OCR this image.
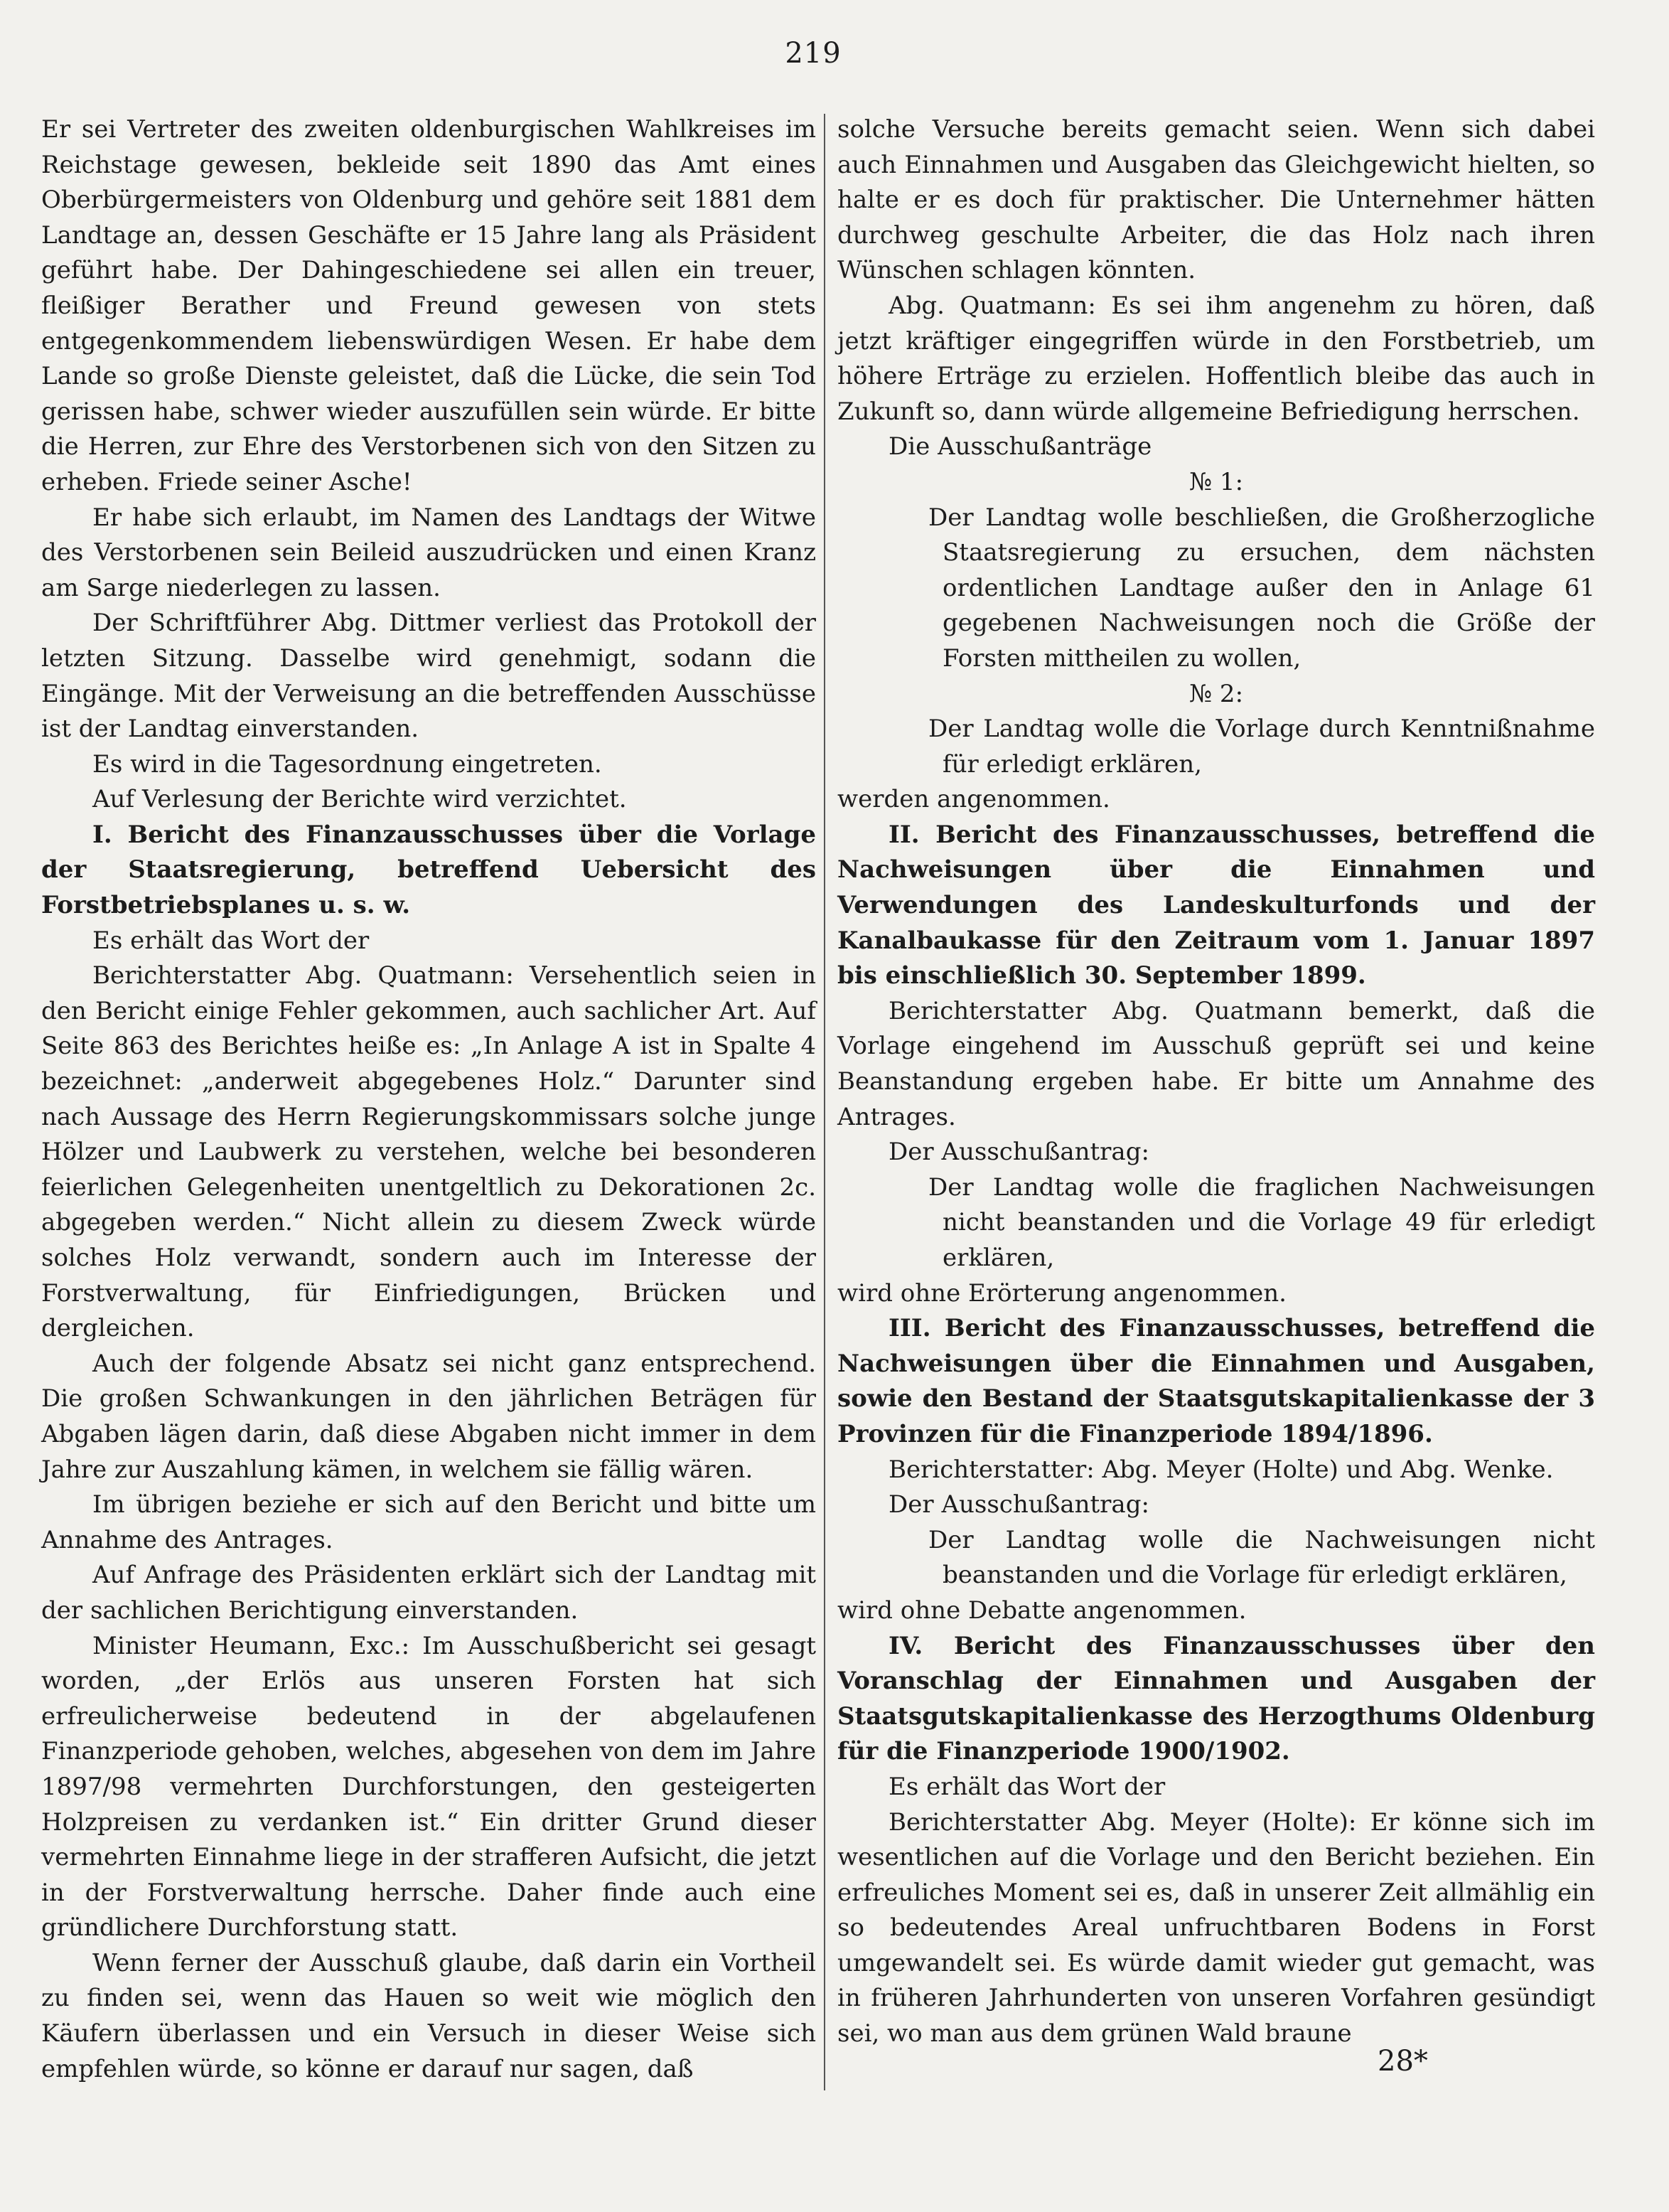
219

Er sei Vertreter des zweiten oldenburgischen Wahlkreises im Reichstage gewesen, bekleide seit 1890 das Amt eines Oberbürgermeisters von Oldenburg und gehöre seit 1881 dem Landtage an, dessen Geschäfte er 15 Jahre lang als Präsident geführt habe. Der Dahingeschiedene sei allen ein treuer, fleißiger Berather und Freund gewesen von stets entgegenkommendem liebenswürdigen Wesen. Er habe dem Lande so große Dienste geleistet, daß die Lücke, die sein Tod gerissen habe, schwer wieder auszufüllen sein würde. Er bitte die Herren, zur Ehre des Verstorbenen sich von den Sitzen zu erheben. Friede seiner Asche!

Er habe sich erlaubt, im Namen des Landtags der Witwe des Verstorbenen sein Beileid auszudrücken und einen Kranz am Sarge niederlegen zu lassen.

Der Schriftführer Abg. Dittmer verliest das Protokoll der letzten Sitzung. Dasselbe wird genehmigt, sodann die Eingänge. Mit der Verweisung an die betreffenden Ausschüsse ist der Landtag einverstanden.

Es wird in die Tagesordnung eingetreten.

Auf Verlesung der Berichte wird verzichtet.

I. Bericht des Finanzausschusses über die Vorlage der Staatsregierung, betreffend Uebersicht des Forstbetriebsplanes u. s. w.

Es erhält das Wort der

Berichterstatter Abg. Quatmann: Versehentlich seien in den Bericht einige Fehler gekommen, auch sachlicher Art. Auf Seite 863 des Berichtes heiße es: „In Anlage A ist in Spalte 4 bezeichnet: „anderweit abgegebenes Holz.“ Darunter sind nach Aussage des Herrn Regierungskommissars solche junge Hölzer und Laubwerk zu verstehen, welche bei besonderen feierlichen Gelegenheiten unentgeltlich zu Dekorationen 2c. abgegeben werden.“ Nicht allein zu diesem Zweck würde solches Holz verwandt, sondern auch im Interesse der Forstverwaltung, für Einfriedigungen, Brücken und dergleichen.

Auch der folgende Absatz sei nicht ganz entsprechend. Die großen Schwankungen in den jährlichen Beträgen für Abgaben lägen darin, daß diese Abgaben nicht immer in dem Jahre zur Auszahlung kämen, in welchem sie fällig wären.

Im übrigen beziehe er sich auf den Bericht und bitte um Annahme des Antrages.

Auf Anfrage des Präsidenten erklärt sich der Landtag mit der sachlichen Berichtigung einverstanden.

Minister Heumann, Exc.: Im Ausschußbericht sei gesagt worden, „der Erlös aus unseren Forsten hat sich erfreulicherweise bedeutend in der abgelaufenen Finanzperiode gehoben, welches, abgesehen von dem im Jahre 1897/98 vermehrten Durchforstungen, den gesteigerten Holzpreisen zu verdanken ist.“ Ein dritter Grund dieser vermehrten Einnahme liege in der strafferen Aufsicht, die jetzt in der Forstverwaltung herrsche. Daher finde auch eine gründlichere Durchforstung statt.

Wenn ferner der Ausschuß glaube, daß darin ein Vortheil zu finden sei, wenn das Hauen so weit wie möglich den Käufern überlassen und ein Versuch in dieser Weise sich empfehlen würde, so könne er darauf nur sagen, daß

solche Versuche bereits gemacht seien. Wenn sich dabei auch Einnahmen und Ausgaben das Gleichgewicht hielten, so halte er es doch für praktischer. Die Unternehmer hätten durchweg geschulte Arbeiter, die das Holz nach ihren Wünschen schlagen könnten.

Abg. Quatmann: Es sei ihm angenehm zu hören, daß jetzt kräftiger eingegriffen würde in den Forstbetrieb, um höhere Erträge zu erzielen. Hoffentlich bleibe das auch in Zukunft so, dann würde allgemeine Befriedigung herrschen.

Die Ausschußanträge

№ 1:

Der Landtag wolle beschließen, die Großherzogliche Staatsregierung zu ersuchen, dem nächsten ordentlichen Landtage außer den in Anlage 61 gegebenen Nachweisungen noch die Größe der Forsten mittheilen zu wollen,

№ 2:

Der Landtag wolle die Vorlage durch Kenntnißnahme für erledigt erklären,

werden angenommen.

II. Bericht des Finanzausschusses, betreffend die Nachweisungen über die Einnahmen und Verwendungen des Landeskulturfonds und der Kanalbaukasse für den Zeitraum vom 1. Januar 1897 bis einschließlich 30. September 1899.

Berichterstatter Abg. Quatmann bemerkt, daß die Vorlage eingehend im Ausschuß geprüft sei und keine Beanstandung ergeben habe. Er bitte um Annahme des Antrages.

Der Ausschußantrag:

Der Landtag wolle die fraglichen Nachweisungen nicht beanstanden und die Vorlage 49 für erledigt erklären,

wird ohne Erörterung angenommen.

III. Bericht des Finanzausschusses, betreffend die Nachweisungen über die Einnahmen und Ausgaben, sowie den Bestand der Staatsgutskapitalienkasse der 3 Provinzen für die Finanzperiode 1894/1896.

Berichterstatter: Abg. Meyer (Holte) und Abg. Wenke.

Der Ausschußantrag:

Der Landtag wolle die Nachweisungen nicht beanstanden und die Vorlage für erledigt erklären,

wird ohne Debatte angenommen.

IV. Bericht des Finanzausschusses über den Voranschlag der Einnahmen und Ausgaben der Staatsgutskapitalienkasse des Herzogthums Oldenburg für die Finanzperiode 1900/1902.

Es erhält das Wort der

Berichterstatter Abg. Meyer (Holte): Er könne sich im wesentlichen auf die Vorlage und den Bericht beziehen. Ein erfreuliches Moment sei es, daß in unserer Zeit allmählig ein so bedeutendes Areal unfruchtbaren Bodens in Forst umgewandelt sei. Es würde damit wieder gut gemacht, was in früheren Jahrhunderten von unseren Vorfahren gesündigt sei, wo man aus dem grünen Wald braune

28*
